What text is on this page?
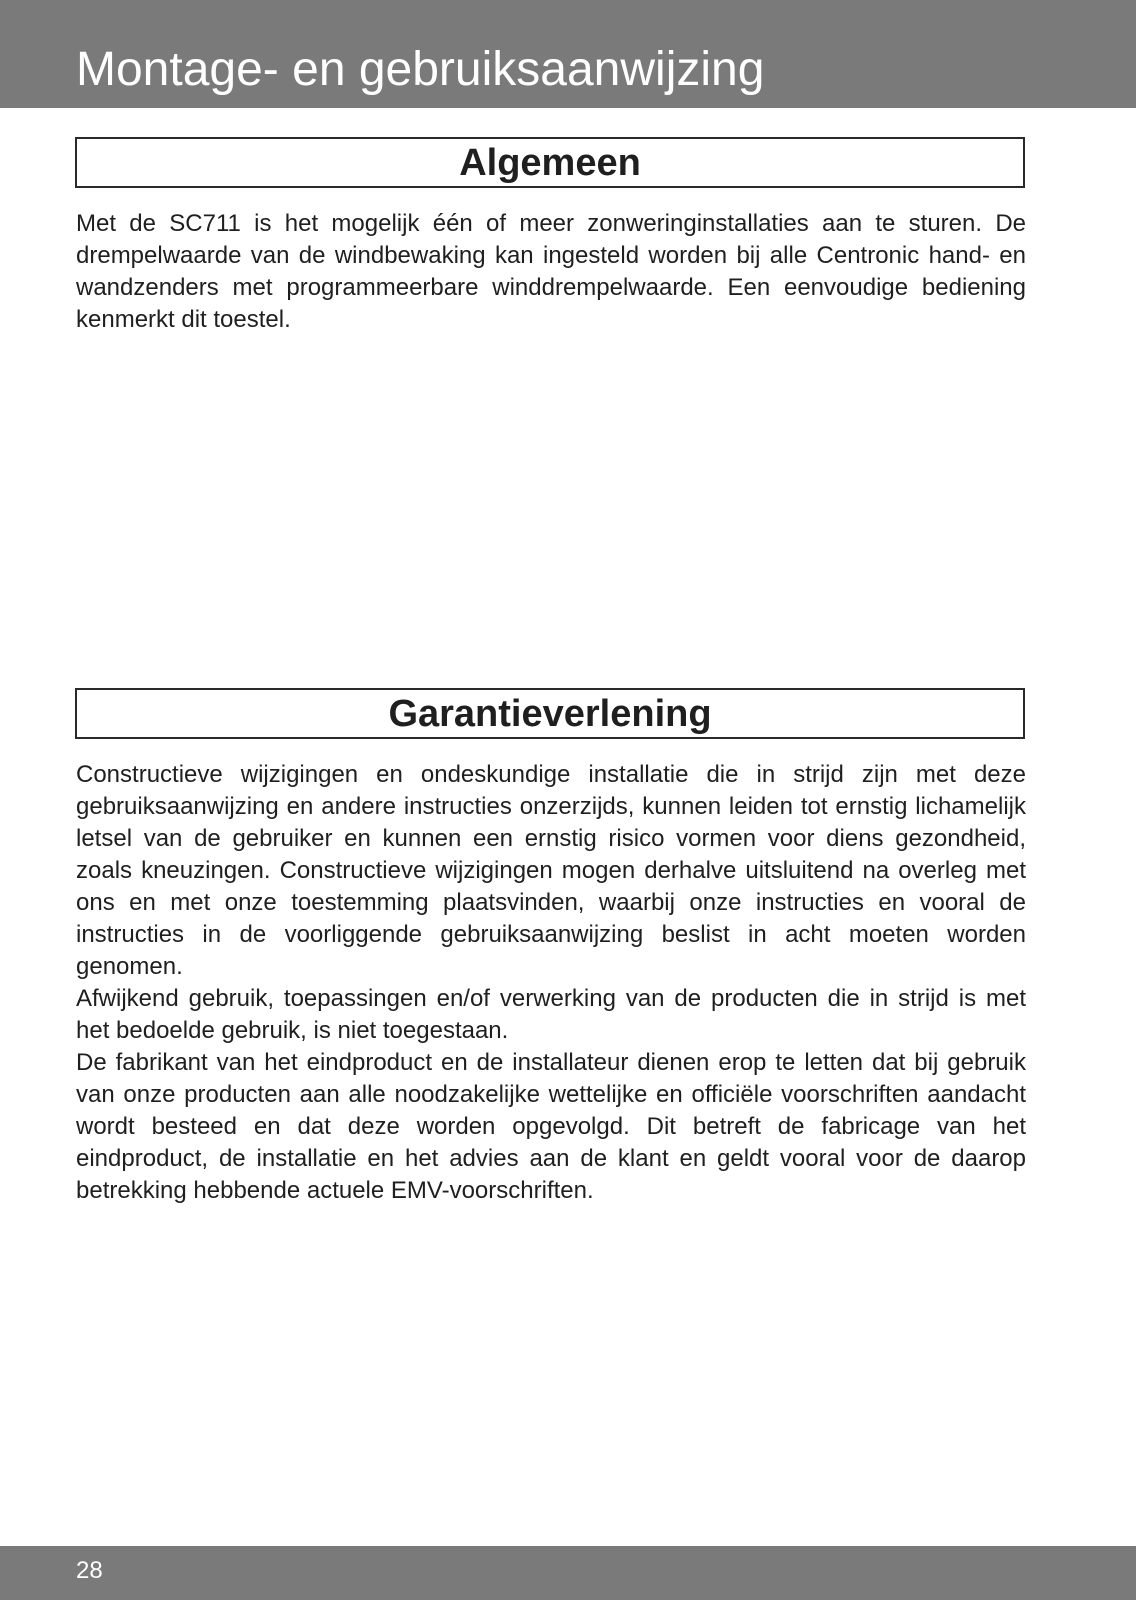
Montage- en gebruiksaanwijzing
Algemeen

Met de SC711 is het mogelijk één of meer zonweringinstallaties aan te sturen. De drempelwaarde van de windbewaking kan ingesteld worden bij alle Centronic hand- en wandzenders met programmeerbare winddrempelwaarde. Een eenvoudige bediening kenmerkt dit toestel.

Garantieverlening

Constructieve wijzigingen en ondeskundige installatie die in strijd zijn met deze gebruiksaanwijzing en andere instructies onzerzijds, kunnen leiden tot ernstig lichamelijk letsel van de gebruiker en kunnen een ernstig risico vormen voor diens gezondheid, zoals kneuzingen. Constructieve wijzigingen mogen derhalve uitsluitend na overleg met ons en met onze toestemming plaatsvinden, waarbij onze instructies en vooral de instructies in de voorliggende gebruiksaanwijzing beslist in acht moeten worden genomen.

Afwijkend gebruik, toepassingen en/of verwerking van de producten die in strijd is met het bedoelde gebruik, is niet toegestaan.

De fabrikant van het eindproduct en de installateur dienen erop te letten dat bij gebruik van onze producten aan alle noodzakelijke wettelijke en officiële voorschriften aandacht wordt besteed en dat deze worden opgevolgd. Dit betreft de fabricage van het eindproduct, de installatie en het advies aan de klant en geldt vooral voor de daarop betrekking hebbende actuele EMV-voorschriften.

28
